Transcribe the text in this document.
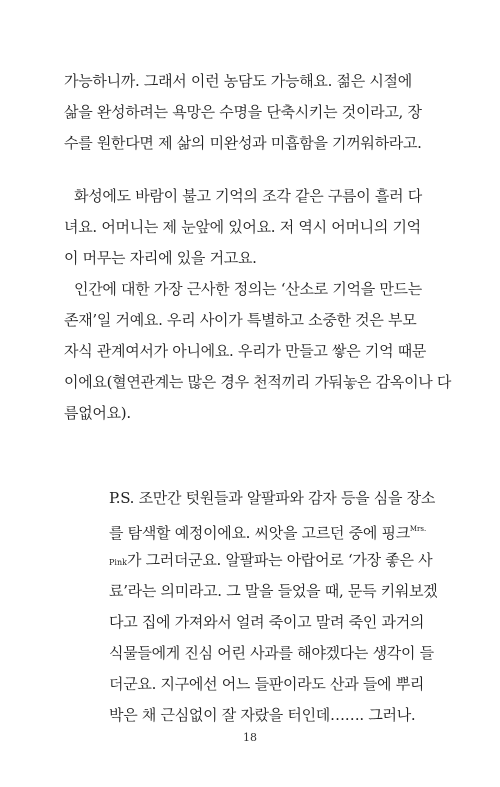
가능하니까. 그래서 이런 농담도 가능해요. 젊은 시절에
삶을 완성하려는 욕망은 수명을 단축시키는 것이라고, 장
수를 원한다면 제 삶의 미완성과 미흡함을 기꺼워하라고.
화성에도 바람이 불고 기억의 조각 같은 구름이 흘러 다
녀요. 어머니는 제 눈앞에 있어요. 저 역시 어머니의 기억
이 머무는 자리에 있을 거고요.
인간에 대한 가장 근사한 정의는 ‘산소로 기억을 만드는
존재’일 거예요. 우리 사이가 특별하고 소중한 것은 부모
자식 관계여서가 아니에요. 우리가 만들고 쌓은 기억 때문
이에요(혈연관계는 많은 경우 천적끼리 가둬놓은 감옥이나 다
름없어요).
P.S. 조만간 텃원들과 알팔파와 감자 등을 심을 장소
를 탐색할 예정이에요. 씨앗을 고르던 중에 핑크$^{Mrs.}$
Pink가 그러더군요. 알팔파는 아랍어로 ‘가장 좋은 사
료’라는 의미라고. 그 말을 들었을 때, 문득 키워보겠
다고 집에 가져와서 얼려 죽이고 말려 죽인 과거의
식물들에게 진심 어린 사과를 해야겠다는 생각이 들
더군요. 지구에선 어느 들판이라도 산과 들에 뿌리
박은 채 근심없이 잘 자랐을 터인데……. 그러나.
18
